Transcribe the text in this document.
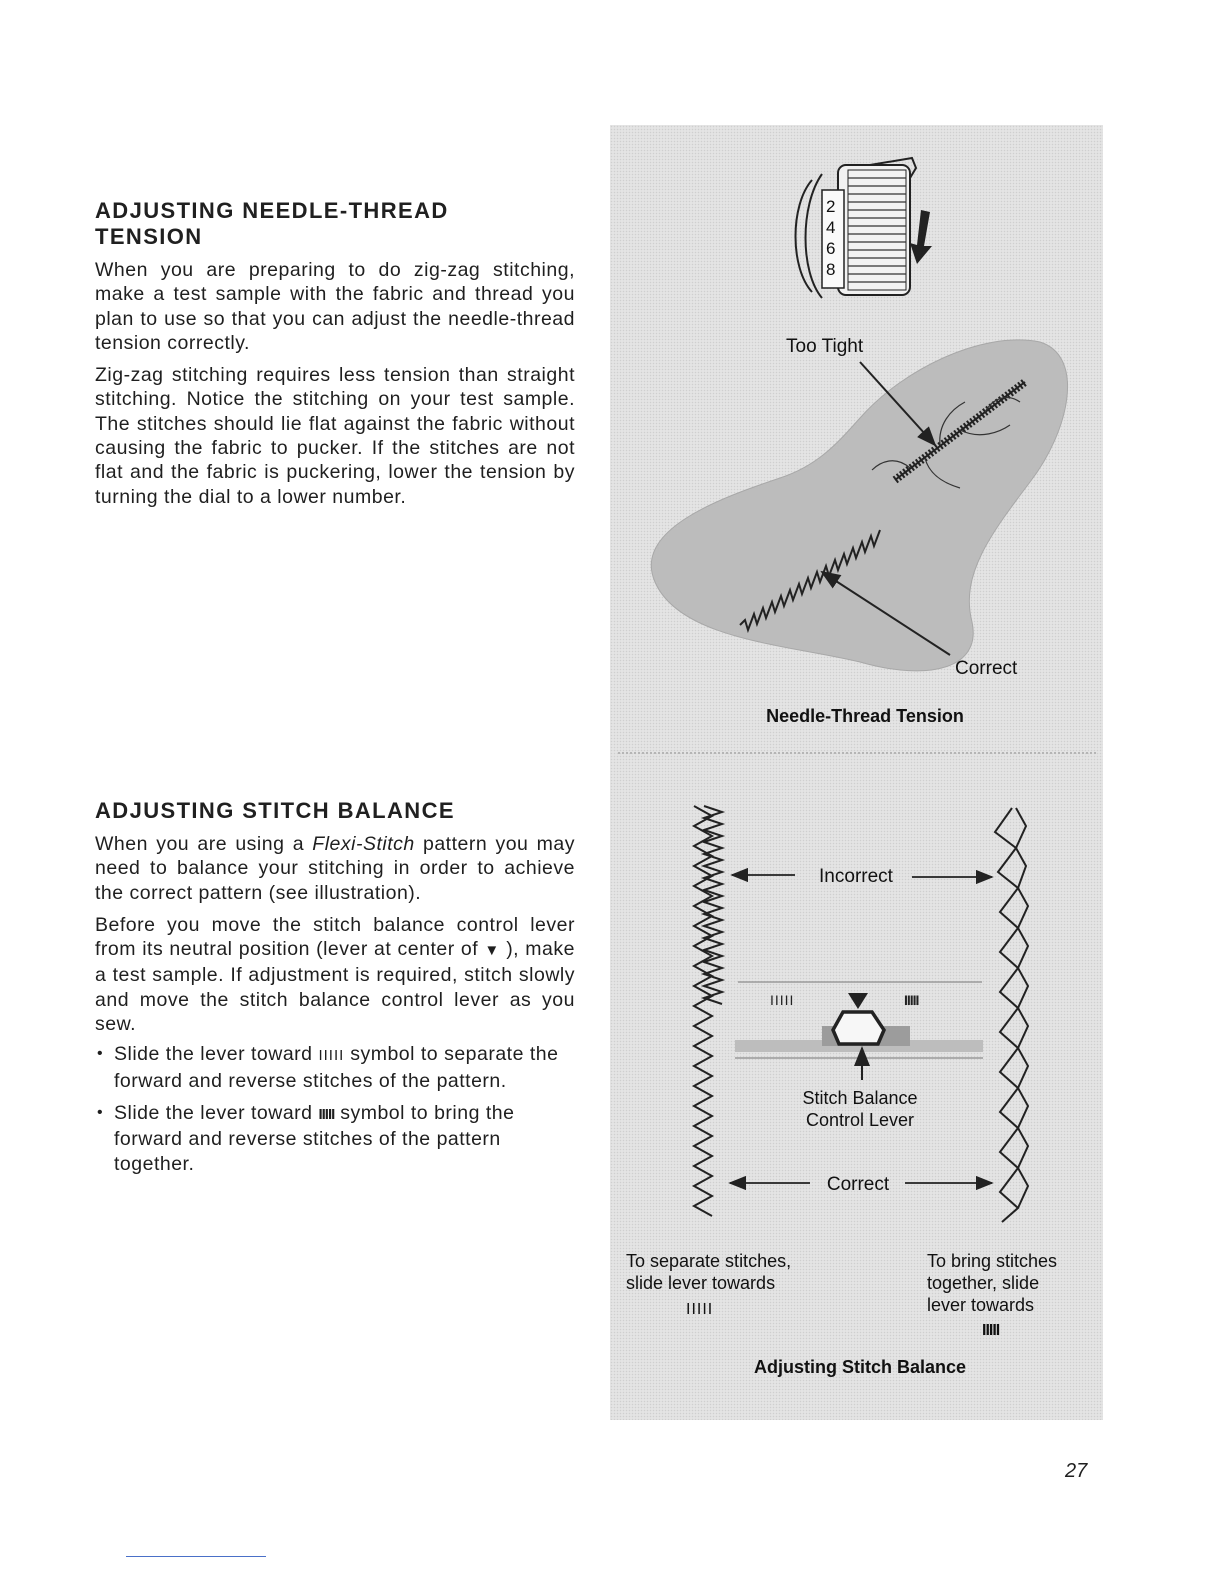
ADJUSTING NEEDLE-THREAD
TENSION

When you are preparing to do zig-zag stitching, make a test sample with the fabric and thread you plan to use so that you can adjust the needle-thread tension correctly.

Zig-zag stitching requires less tension than straight stitching. Notice the stitching on your test sample. The stitches should lie flat against the fabric without causing the fabric to pucker. If the stitches are not flat and the fabric is puckering, lower the tension by turning the dial to a lower number.

ADJUSTING STITCH BALANCE

When you are using a Flexi-Stitch pattern you may need to balance your stitching in order to achieve the correct pattern (see illustration).

Before you move the stitch balance control lever from its neutral position (lever at center of ▼ ), make a test sample. If adjustment is required, stitch slowly and move the stitch balance control lever as you sew.

• Slide the lever toward IIIII symbol to separate the forward and reverse stitches of the pattern.
• Slide the lever toward IIIII symbol to bring the forward and reverse stitches of the pattern together.
2
4
6
8
Too Tight
Correct
Needle-Thread Tension
Incorrect
Correct
IIIII	IIIII
Stitch Balance
Control Lever
To separate stitches,
slide lever towards
IIIII
To bring stitches
together, slide
lever towards
IIIII
Adjusting Stitch Balance
27
